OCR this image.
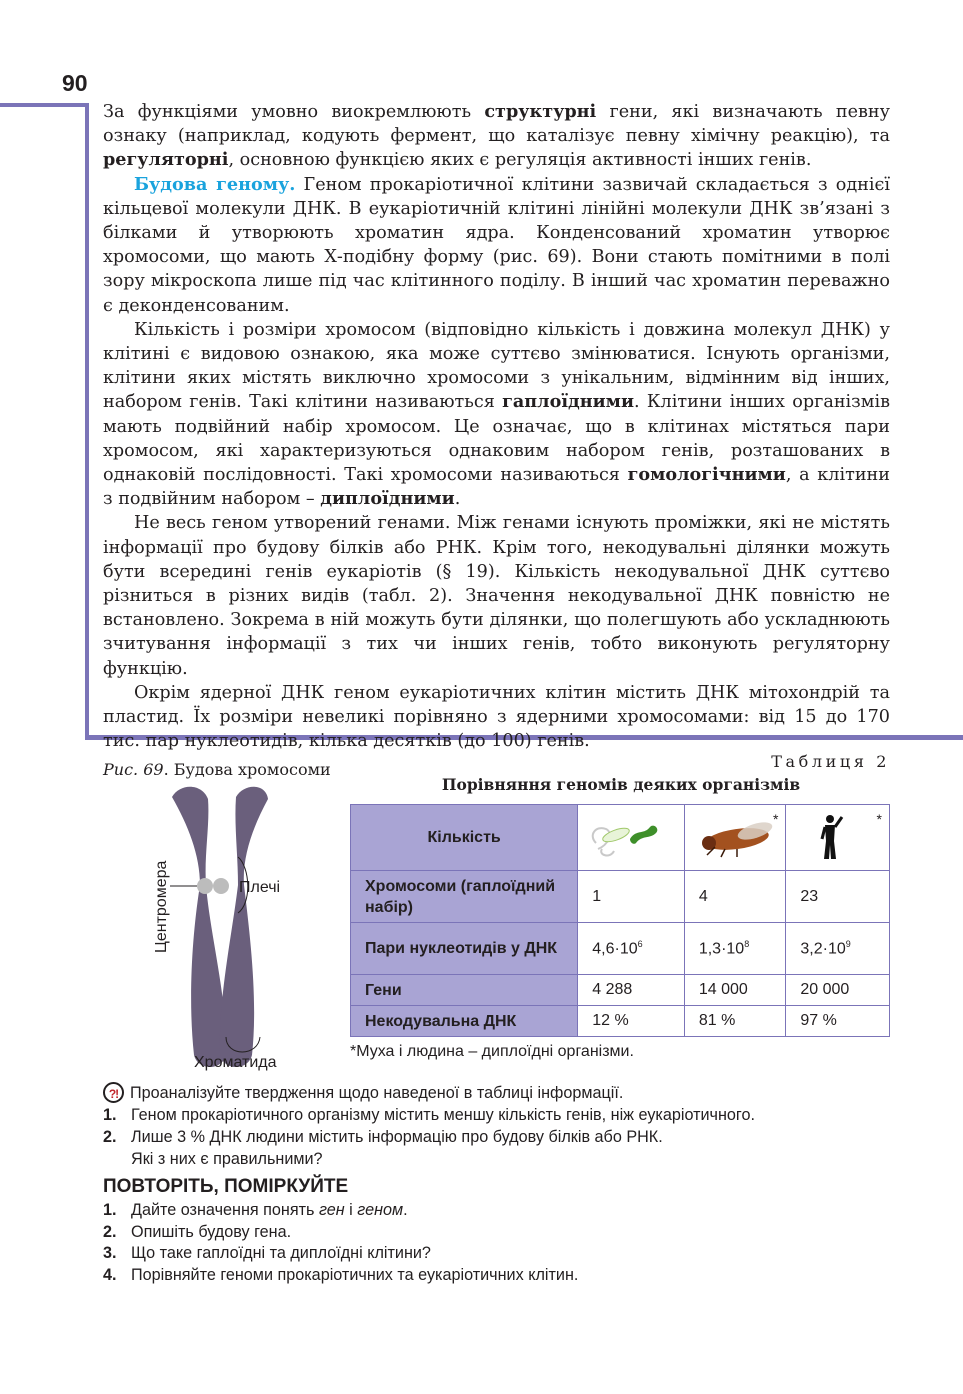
90

За функціями умовно виокремлюють структурні гени, які визначають певну ознаку (наприклад, кодують фермент, що каталізує певну хімічну реакцію), та регуляторні, основною функцією яких є регуляція активності інших генів.

Будова геному. Геном прокаріотичної клітини зазвичай складається з однієї кільцевої молекули ДНК. В еукаріотичній клітині лінійні молекули ДНК зв’язані з білками й утворюють хроматин ядра. Конденсований хроматин утворює хромосоми, що мають Х-подібну форму (рис. 69). Вони стають помітними в полі зору мікроскопа лише під час клітинного поділу. В інший час хроматин переважно є деконденсованим.

Кількість і розміри хромосом (відповідно кількість і довжина молекул ДНК) у клітині є видовою ознакою, яка може суттєво змінюватися. Існують організми, клітини яких містять виключно хромосоми з унікальним, відмінним від інших, набором генів. Такі клітини називаються гаплоїдними. Клітини інших організмів мають подвійний набір хромосом. Це означає, що в клітинах містяться пари хромосом, які характеризуються однаковим набором генів, розташованих в однаковій послідовності. Такі хромосоми називаються гомологічними, а клітини з подвійним набором – диплоїдними.

Не весь геном утворений генами. Між генами існують проміжки, які не містять інформації про будову білків або РНК. Крім того, некодувальні ділянки можуть бути всередині генів еукаріотів (§ 19). Кількість некодувальної ДНК суттєво різниться в різних видів (табл. 2). Значення некодувальної ДНК повністю не встановлено. Зокрема в ній можуть бути ділянки, що полегшують або ускладнюють зчитування інформації з тих чи інших генів, тобто виконують регуляторну функцію.

Окрім ядерної ДНК геном еукаріотичних клітин містить ДНК мітохондрій та пластид. Їх розміри невеликі порівняно з ядерними хромосомами: від 15 до 170 тис. пар нуклеотидів, кілька десятків (до 100) генів.

Рис. 69. Будова хромосоми
Центромера	Плечі
Хроматида
Таблиця 2
Порівняння геномів деяких організмів
Кількість		*	*

Хромосоми (гаплоїдний набір)	1	4	23
Пари нуклеотидів у ДНК	$4,6\cdot 10^6$	$1,3\cdot 10^8$	$3,2\cdot 10^9$
Гени	4 288	14 000	20 000
Некодувальна ДНК	12 %	81 %	97 %
*Муха і людина – диплоїдні організми.
?! Проаналізуйте твердження щодо наведеної в таблиці інформації.
1. Геном прокаріотичного організму містить меншу кількість генів, ніж еукаріотичного.
2. Лише 3 % ДНК людини містить інформацію про будову білків або РНК.
Які з них є правильними?
ПОВТОРІТЬ, ПОМІРКУЙТЕ
1. Дайте означення понять ген і геном.
2. Опишіть будову гена.
3. Що таке гаплоїдні та диплоїдні клітини?
4. Порівняйте геноми прокаріотичних та еукаріотичних клітин.
